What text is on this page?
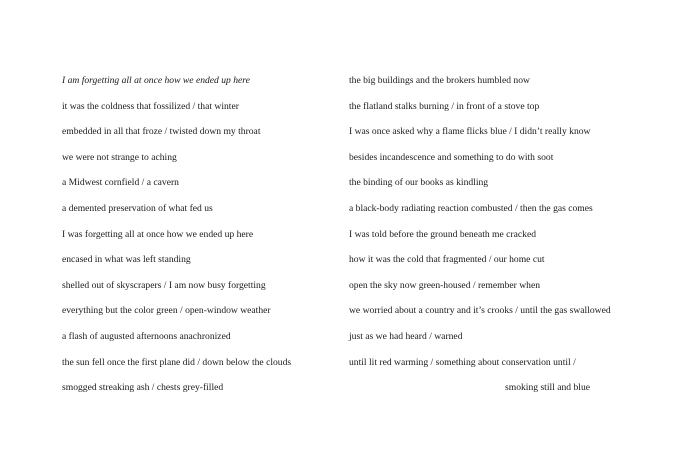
I am forgetting all at once how we ended up here
it was the coldness that fossilized / that winter
embedded in all that froze / twisted down my throat
we were not strange to aching
a Midwest cornfield / a cavern
a demented preservation of what fed us
I was forgetting all at once how we ended up here
encased in what was left standing
shelled out of skyscrapers / I am now busy forgetting
everything but the color green / open-window weather
a flash of augusted afternoons anachronized
the sun fell once the first plane did / down below the clouds
smogged streaking ash / chests grey-filled
the big buildings and the brokers humbled now
the flatland stalks burning / in front of a stove top
I was once asked why a flame flicks blue / I didn’t really know
besides incandescence and something to do with soot
the binding of our books as kindling
a black-body radiating reaction combusted / then the gas comes
I was told before the ground beneath me cracked
how it was the cold that fragmented / our home cut
open the sky now green-housed / remember when
we worried about a country and it’s crooks / until the gas swallowed
just as we had heard / warned
until lit red warming / something about conservation until /
smoking still and blue
